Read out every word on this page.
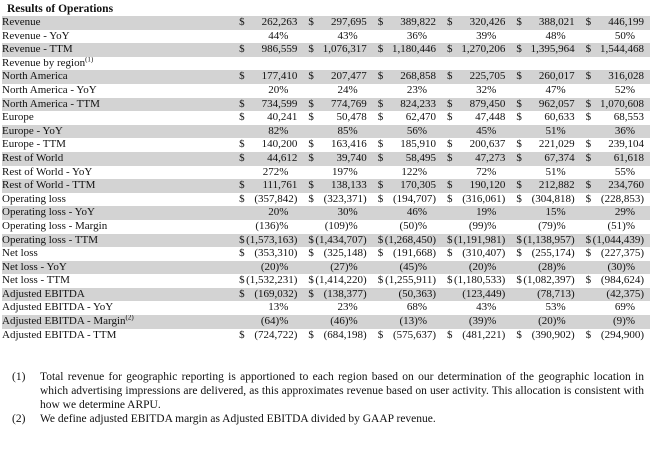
Results of Operations
Revenue	$ 262,263	$ 297,695	$ 389,822	$ 320,426	$ 388,021	$ 446,199

Revenue - YoY	44%	43%	36%	39%	48%	50%

Revenue - TTM	$ 986,559	$ 1,076,317	$ 1,180,446	$ 1,270,206	$ 1,395,964	$ 1,544,468

Revenue by region$^{(1)}$	

North America	$ 177,410	$ 207,477	$ 268,858	$ 225,705	$ 260,017	$ 316,028

North America - YoY	20%	24%	23%	32%	47%	52%

North America - TTM	$ 734,599	$ 774,769	$ 824,233	$ 879,450	$ 962,057	$ 1,070,608

Europe	$ 40,241	$ 50,478	$ 62,470	$ 47,448	$ 60,633	$ 68,553

Europe - YoY	82%	85%	56%	45%	51%	36%

Europe - TTM	$ 140,200	$ 163,416	$ 185,910	$ 200,637	$ 221,029	$ 239,104

Rest of World	$ 44,612	$ 39,740	$ 58,495	$ 47,273	$ 67,374	$ 61,618

Rest of World - YoY	272%	197%	122%	72%	51%	55%

Rest of World - TTM	$ 111,761	$ 138,133	$ 170,305	$ 190,120	$ 212,882	$ 234,760

Operating loss	$ (357,842)	$ (323,371)	$ (194,707)	$ (316,061)	$ (304,818)	$ (228,853)

Operating loss - YoY	20%	30%	46%	19%	15%	29%

Operating loss - Margin	(136)%	(109)%	(50)%	(99)%	(79)%	(51)%

Operating loss - TTM	$ (1,573,163)	$ (1,434,707)	$ (1,268,450)	$ (1,191,981)	$ (1,138,957)	$ (1,044,439)

Net loss	$ (353,310)	$ (325,148)	$ (191,668)	$ (310,407)	$ (255,174)	$ (227,375)

Net loss - YoY	(20)%	(27)%	(45)%	(20)%	(28)%	(30)%

Net loss - TTM	$ (1,532,231)	$ (1,414,220)	$ (1,255,911)	$ (1,180,533)	$ (1,082,397)	$ (984,624)

Adjusted EBITDA	$ (169,032)	$ (138,377)	(50,363)	(123,449)	(78,713)	(42,375)

Adjusted EBITDA - YoY	13%	23%	68%	43%	53%	69%

Adjusted EBITDA - Margin$^{(2)}$	(64)%	(46)%	(13)%	(39)%	(20)%	(9)%

Adjusted EBITDA - TTM	$ (724,722)	$ (684,198)	$ (575,637)	$ (481,221)	$ (390,902)	$ (294,900)
(1)	Total revenue for geographic reporting is apportioned to each region based on our determination of the geographic location in which advertising impressions are delivered, as this approximates revenue based on user activity. This allocation is consistent with how we determine ARPU.
(2)	We define adjusted EBITDA margin as Adjusted EBITDA divided by GAAP revenue.
